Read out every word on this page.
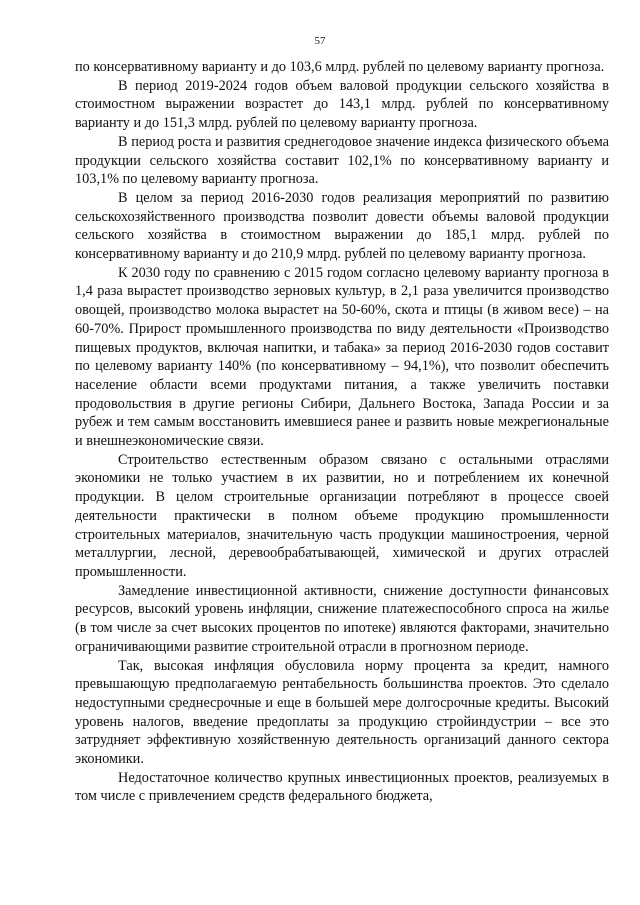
57

по консервативному варианту и до 103,6 млрд. рублей по целевому варианту прогноза.

В период 2019-2024 годов объем валовой продукции сельского хозяйства в стоимостном выражении возрастет до 143,1 млрд. рублей по консервативному варианту и до 151,3 млрд. рублей по целевому варианту прогноза.

В период роста и развития среднегодовое значение индекса физического объема продукции сельского хозяйства составит 102,1% по консервативному варианту и 103,1% по целевому варианту прогноза.

В целом за период 2016-2030 годов реализация мероприятий по развитию сельскохозяйственного производства позволит довести объемы валовой продукции сельского хозяйства в стоимостном выражении до 185,1 млрд. рублей по консервативному варианту и до 210,9 млрд. рублей по целевому варианту прогноза.

К 2030 году по сравнению с 2015 годом согласно целевому варианту прогноза в 1,4 раза вырастет производство зерновых культур, в 2,1 раза увеличится производство овощей, производство молока вырастет на 50-60%, скота и птицы (в живом весе) – на 60-70%. Прирост промышленного производства по виду деятельности «Производство пищевых продуктов, включая напитки, и табака» за период 2016-2030 годов составит по целевому варианту 140% (по консервативному – 94,1%), что позволит обеспечить население области всеми продуктами питания, а также увеличить поставки продовольствия в другие регионы Сибири, Дальнего Востока, Запада России и за рубеж и тем самым восстановить имевшиеся ранее и развить новые межрегиональные и внешнеэкономические связи.

Строительство естественным образом связано с остальными отраслями экономики не только участием в их развитии, но и потреблением их конечной продукции. В целом строительные организации потребляют в процессе своей деятельности практически в полном объеме продукцию промышленности строительных материалов, значительную часть продукции машиностроения, черной металлургии, лесной, деревообрабатывающей, химической и других отраслей промышленности.

Замедление инвестиционной активности, снижение доступности финансовых ресурсов, высокий уровень инфляции, снижение платежеспособного спроса на жилье (в том числе за счет высоких процентов по ипотеке) являются факторами, значительно ограничивающими развитие строительной отрасли в прогнозном периоде.

Так, высокая инфляция обусловила норму процента за кредит, намного превышающую предполагаемую рентабельность большинства проектов. Это сделало недоступными среднесрочные и еще в большей мере долгосрочные кредиты. Высокий уровень налогов, введение предоплаты за продукцию стройиндустрии – все это затрудняет эффективную хозяйственную деятельность организаций данного сектора экономики.

Недостаточное количество крупных инвестиционных проектов, реализуемых в том числе с привлечением средств федерального бюджета,
